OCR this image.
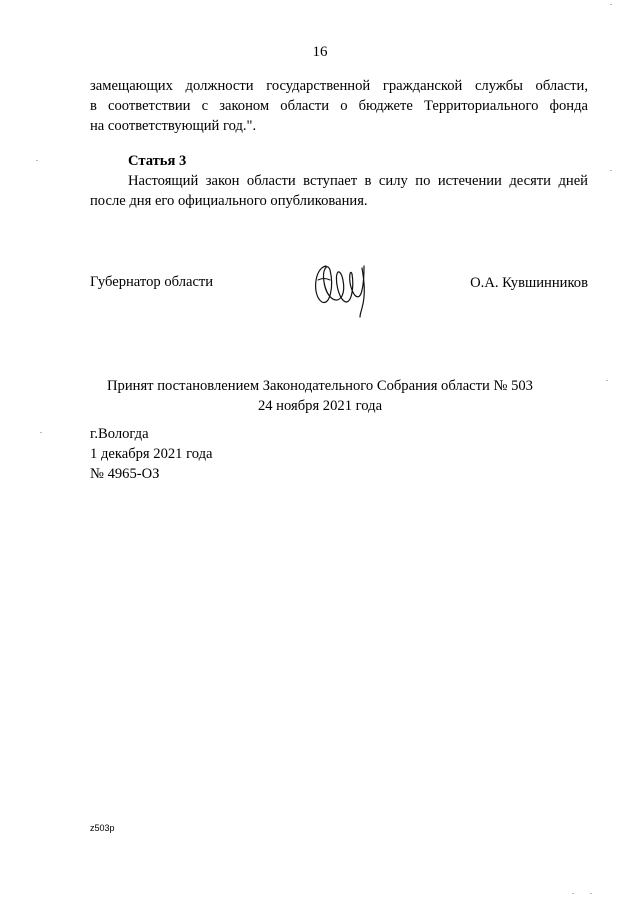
16
замещающих должности государственной гражданской службы области,
в соответствии с законом области о бюджете Территориального фонда
на соответствующий год.".
Статья 3
Настоящий закон области вступает в силу по истечении десяти дней
после дня его официального опубликования.
Губернатор области	О.А. Кувшинников
Принят постановлением Законодательного Собрания области № 503
24 ноября 2021 года
г.Вологда
1 декабря 2021 года
№ 4965-ОЗ
z503p
